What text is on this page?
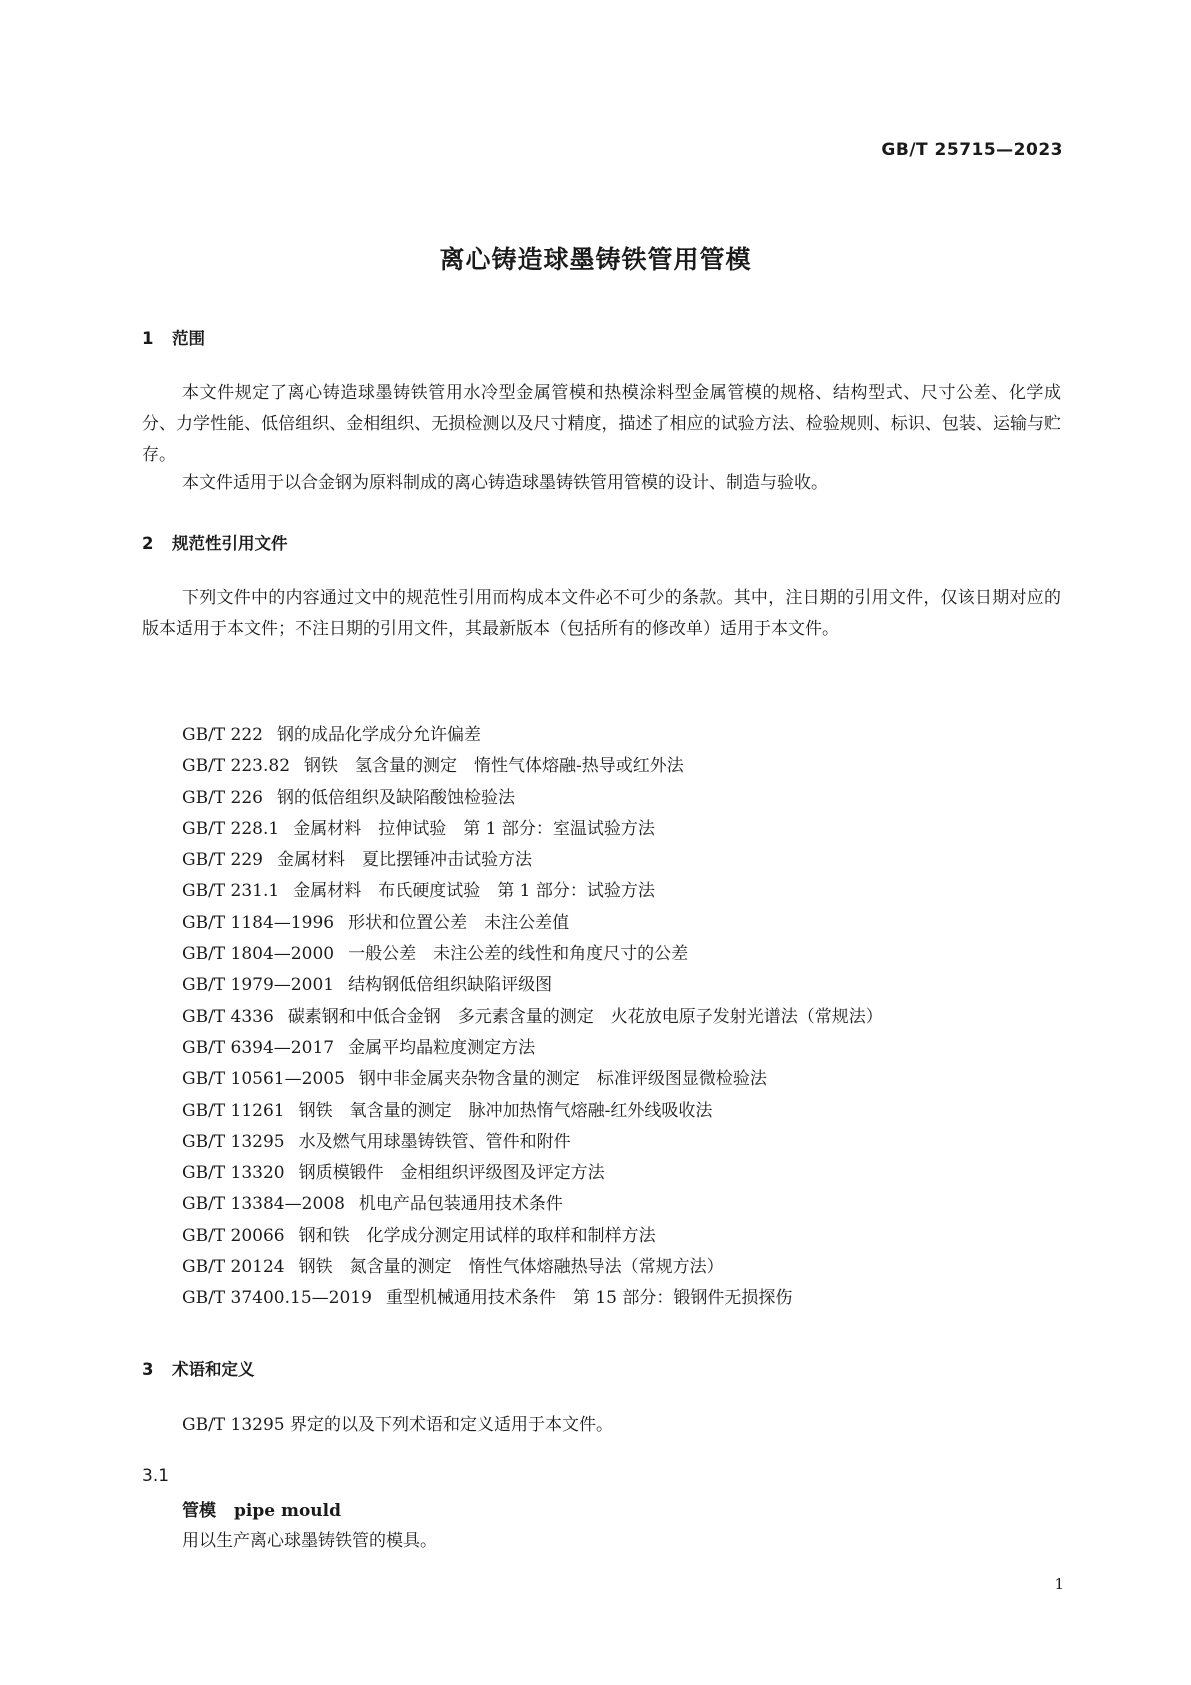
GB/T 25715—2023
离心铸造球墨铸铁管用管模
1 范围

本文件规定了离心铸造球墨铸铁管用水冷型金属管模和热模涂料型金属管模的规格、结构型式、尺寸公差、化学成分、力学性能、低倍组织、金相组织、无损检测以及尺寸精度，描述了相应的试验方法、检验规则、标识、包装、运输与贮存。

本文件适用于以合金钢为原料制成的离心铸造球墨铸铁管用管模的设计、制造与验收。

2 规范性引用文件

下列文件中的内容通过文中的规范性引用而构成本文件必不可少的条款。其中，注日期的引用文件，仅该日期对应的版本适用于本文件；不注日期的引用文件，其最新版本（包括所有的修改单）适用于本文件。

GB/T 222 钢的成品化学成分允许偏差
GB/T 223.82 钢铁　氢含量的测定　惰性气体熔融-热导或红外法
GB/T 226 钢的低倍组织及缺陷酸蚀检验法
GB/T 228.1 金属材料　拉伸试验　第 1 部分：室温试验方法
GB/T 229 金属材料　夏比摆锤冲击试验方法
GB/T 231.1 金属材料　布氏硬度试验　第 1 部分：试验方法
GB/T 1184—1996 形状和位置公差　未注公差值
GB/T 1804—2000 一般公差　未注公差的线性和角度尺寸的公差
GB/T 1979—2001 结构钢低倍组织缺陷评级图
GB/T 4336 碳素钢和中低合金钢　多元素含量的测定　火花放电原子发射光谱法（常规法）
GB/T 6394—2017 金属平均晶粒度测定方法
GB/T 10561—2005 钢中非金属夹杂物含量的测定　标准评级图显微检验法
GB/T 11261 钢铁　氧含量的测定　脉冲加热惰气熔融-红外线吸收法
GB/T 13295 水及燃气用球墨铸铁管、管件和附件
GB/T 13320 钢质模锻件　金相组织评级图及评定方法
GB/T 13384—2008 机电产品包装通用技术条件
GB/T 20066 钢和铁　化学成分测定用试样的取样和制样方法
GB/T 20124 钢铁　氮含量的测定　惰性气体熔融热导法（常规方法）
GB/T 37400.15—2019 重型机械通用技术条件　第 15 部分：锻钢件无损探伤
3 术语和定义
GB/T 13295 界定的以及下列术语和定义适用于本文件。
3.1
管模 pipe mould
用以生产离心球墨铸铁管的模具。
1
